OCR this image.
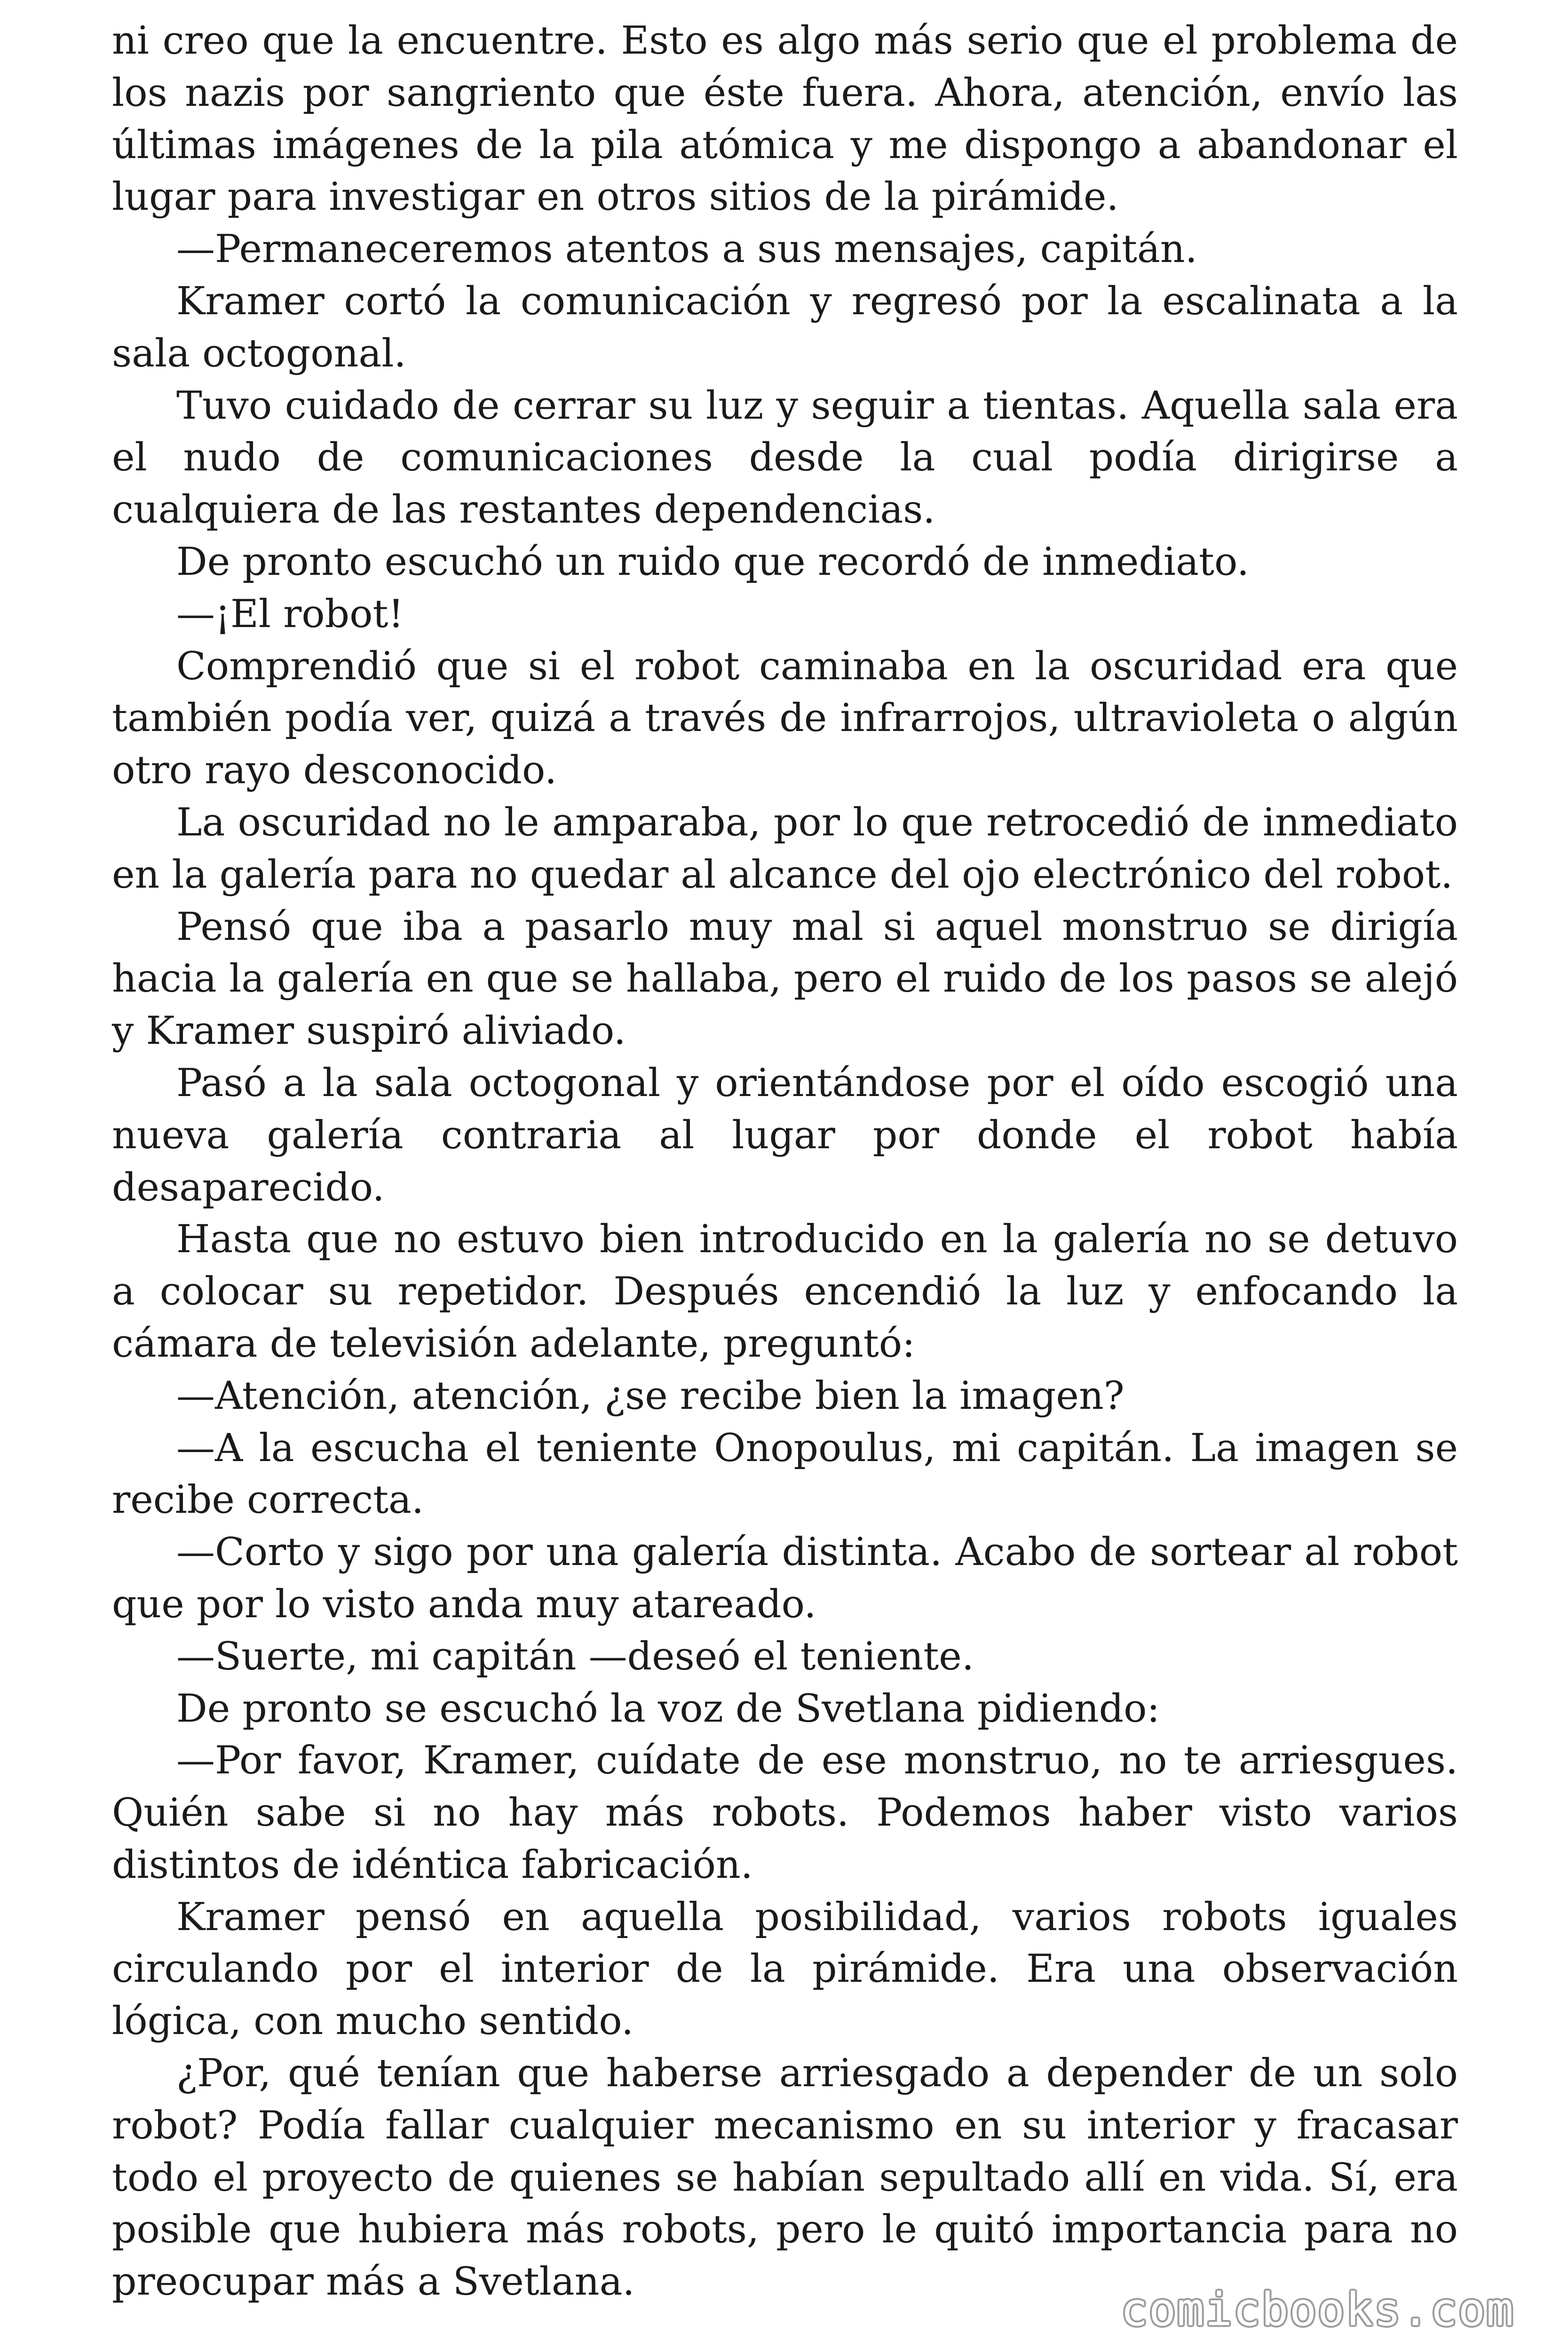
ni creo que la encuentre. Esto es algo más serio que el problema de los nazis por sangriento que éste fuera. Ahora, atención, envío las últimas imágenes de la pila atómica y me dispongo a abandonar el lugar para investigar en otros sitios de la pirámide.

—Permaneceremos atentos a sus mensajes, capitán.

Kramer cortó la comunicación y regresó por la escalinata a la sala octogonal.

Tuvo cuidado de cerrar su luz y seguir a tientas. Aquella sala era el nudo de comunicaciones desde la cual podía dirigirse a cualquiera de las restantes dependencias.

De pronto escuchó un ruido que recordó de inmediato.

—¡El robot!

Comprendió que si el robot caminaba en la oscuridad era que también podía ver, quizá a través de infrarrojos, ultravioleta o algún otro rayo desconocido.

La oscuridad no le amparaba, por lo que retrocedió de inmediato en la galería para no quedar al alcance del ojo electrónico del robot.

Pensó que iba a pasarlo muy mal si aquel monstruo se dirigía hacia la galería en que se hallaba, pero el ruido de los pasos se alejó y Kramer suspiró aliviado.

Pasó a la sala octogonal y orientándose por el oído escogió una nueva galería contraria al lugar por donde el robot había desaparecido.

Hasta que no estuvo bien introducido en la galería no se detuvo a colocar su repetidor. Después encendió la luz y enfocando la cámara de televisión adelante, preguntó:

—Atención, atención, ¿se recibe bien la imagen?

—A la escucha el teniente Onopoulus, mi capitán. La imagen se recibe correcta.

—Corto y sigo por una galería distinta. Acabo de sortear al robot que por lo visto anda muy atareado.

—Suerte, mi capitán —deseó el teniente.

De pronto se escuchó la voz de Svetlana pidiendo:

—Por favor, Kramer, cuídate de ese monstruo, no te arriesgues. Quién sabe si no hay más robots. Podemos haber visto varios distintos de idéntica fabricación.

Kramer pensó en aquella posibilidad, varios robots iguales circulando por el interior de la pirámide. Era una observación lógica, con mucho sentido.

¿Por, qué tenían que haberse arriesgado a depender de un solo robot? Podía fallar cualquier mecanismo en su interior y fracasar todo el proyecto de quienes se habían sepultado allí en vida. Sí, era posible que hubiera más robots, pero le quitó importancia para no preocupar más a Svetlana.

comicbooks.com
